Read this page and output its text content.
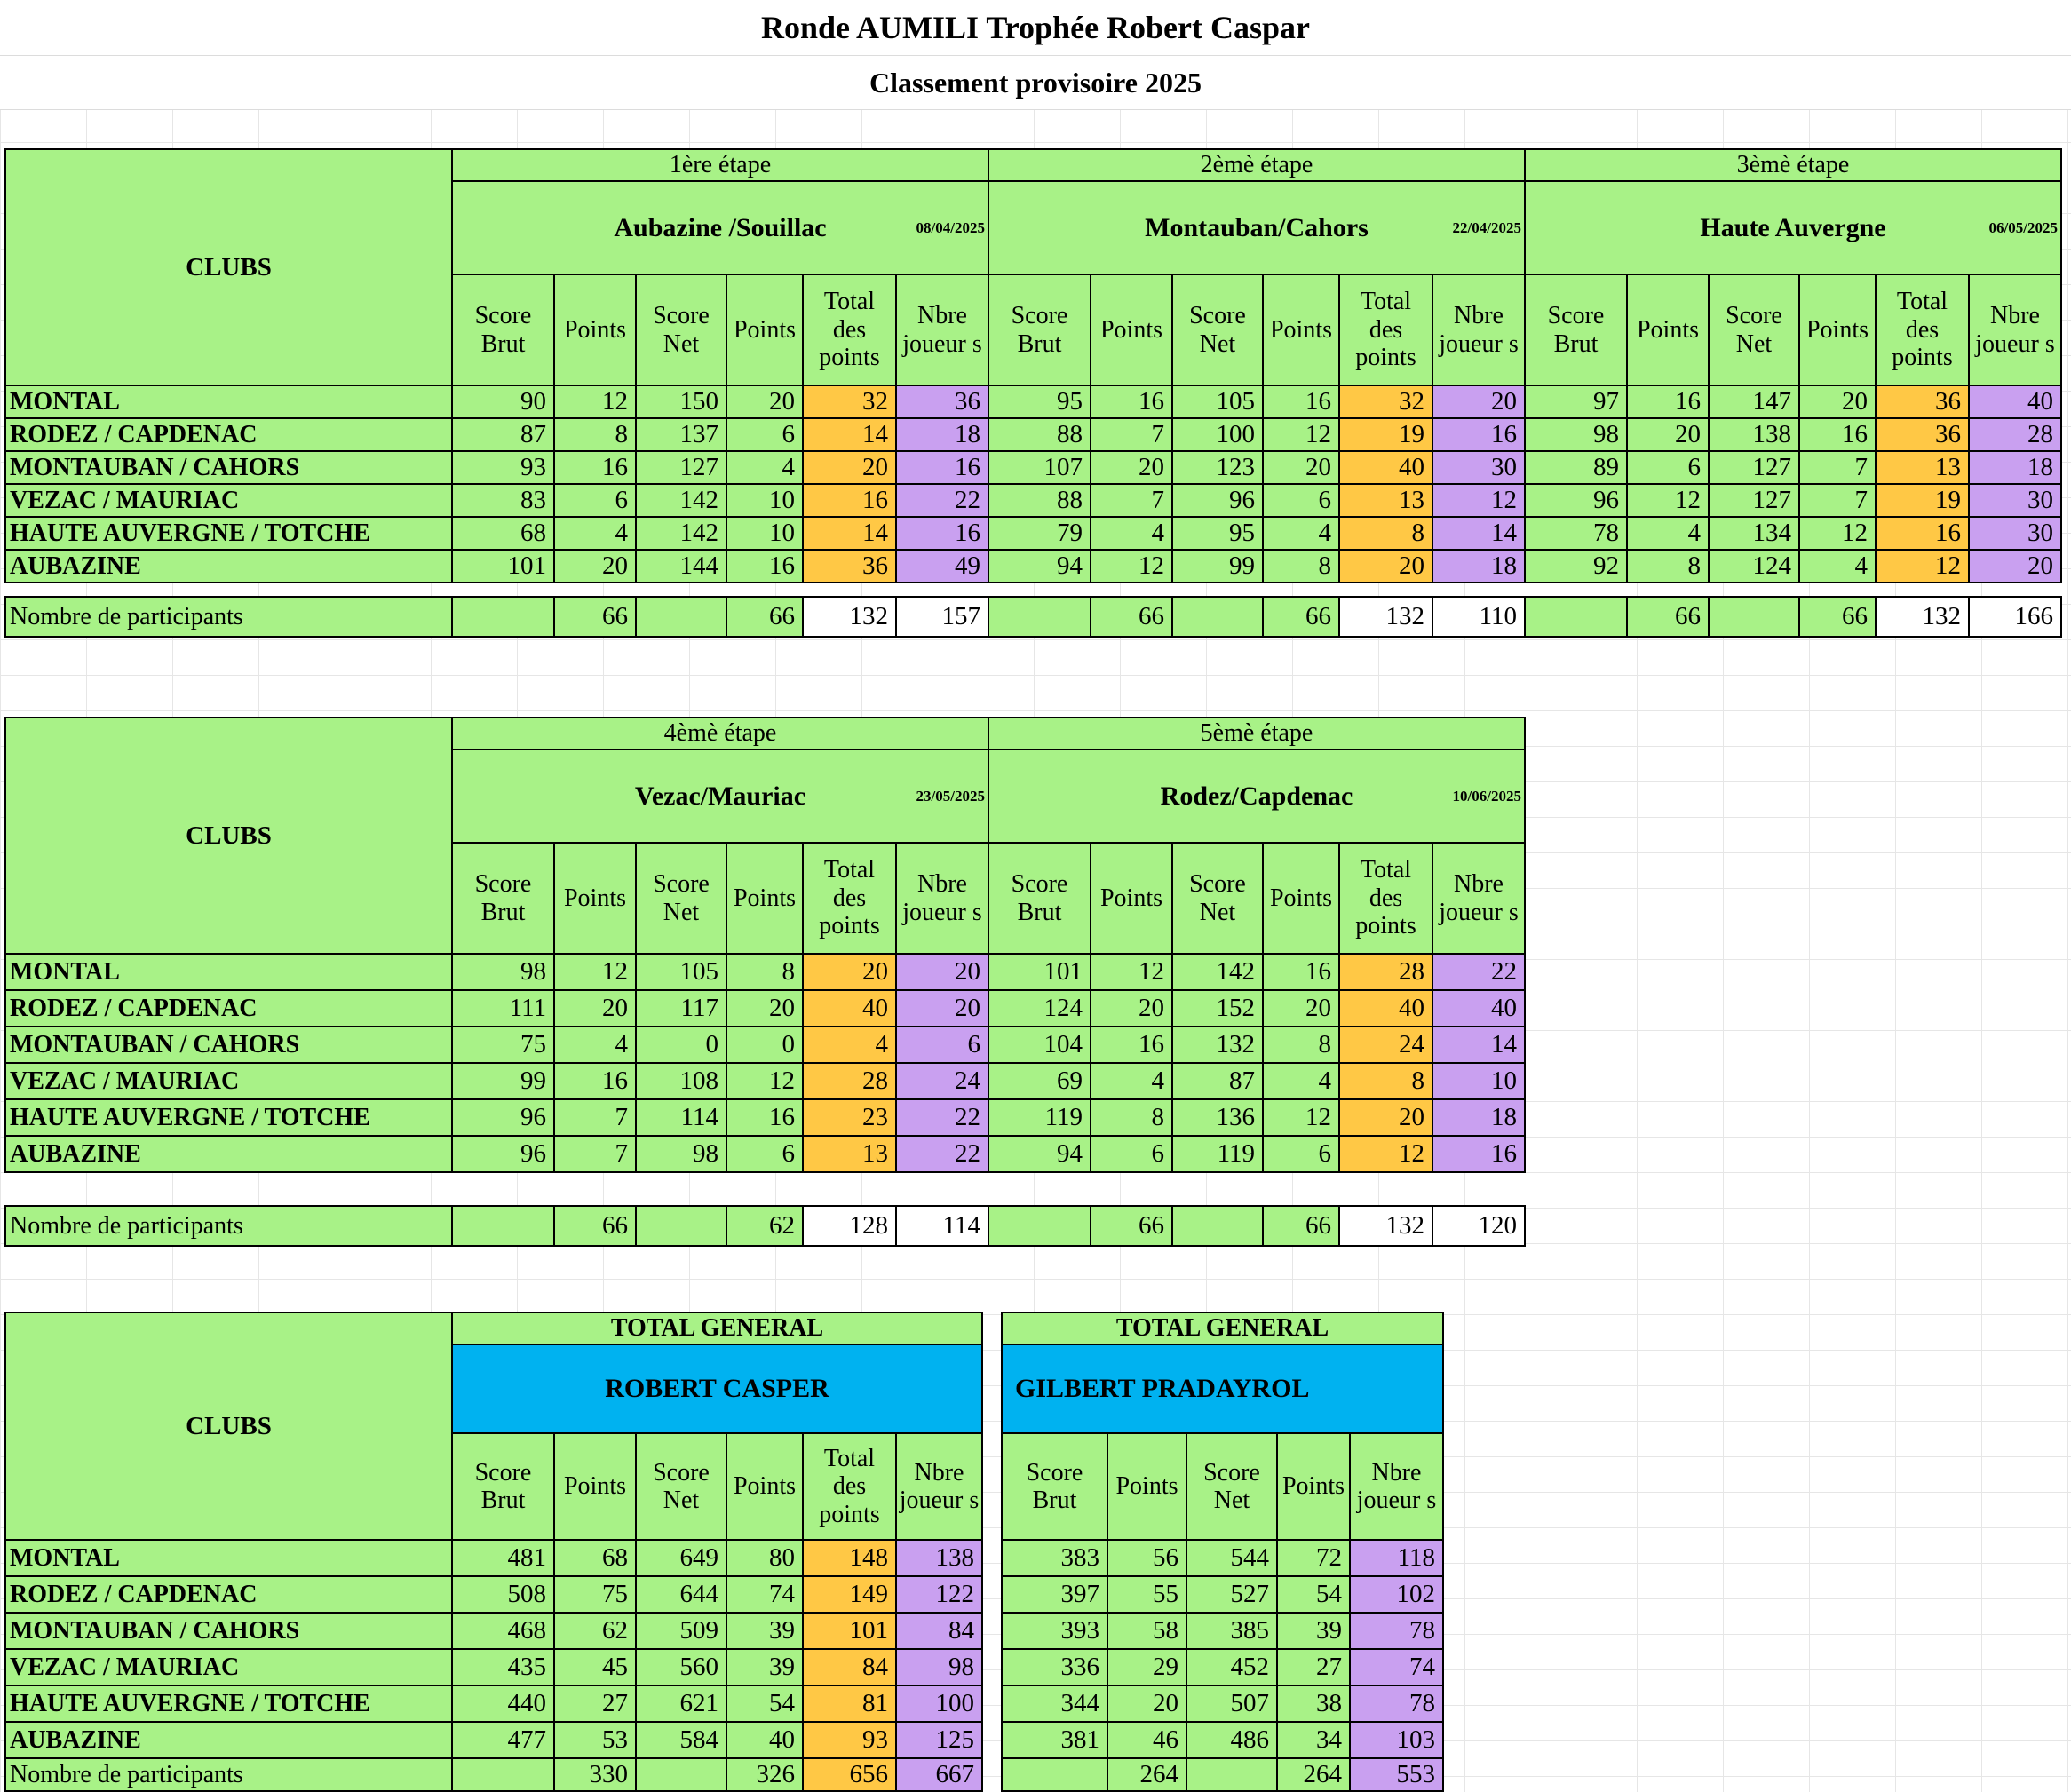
Ronde AUMILI Trophée Robert Caspar
Classement provisoire 2025
CLUBS	1ère étape						2èmè étape						3èmè étape					

	Aubazine /Souillac 08/04/2025						Montauban/Cahors 22/04/2025						Haute Auvergne 06/05/2025					

	Score Brut	Points	Score Net	Points	Total des points	Nbre joueur s	Score Brut	Points	Score Net	Points	Total des points	Nbre joueur s	Score Brut	Points	Score Net	Points	Total des points	Nbre joueur s
MONTAL	90	12	150	20	32	36	95	16	105	16	32	20	97	16	147	20	36	40
RODEZ / CAPDENAC	87	8	137	6	14	18	88	7	100	12	19	16	98	20	138	16	36	28
MONTAUBAN / CAHORS	93	16	127	4	20	16	107	20	123	20	40	30	89	6	127	7	13	18
VEZAC / MAURIAC	83	6	142	10	16	22	88	7	96	6	13	12	96	12	127	7	19	30
HAUTE AUVERGNE / TOTCHE	68	4	142	10	14	16	79	4	95	4	8	14	78	4	134	12	16	30
AUBAZINE	101	20	144	16	36	49	94	12	99	8	20	18	92	8	124	4	12	20
Nombre de participants		66		66	132	157		66		66	132	110		66		66	132	166
CLUBS	4èmè étape						5èmè étape					

	Vezac/Mauriac 23/05/2025						Rodez/Capdenac 10/06/2025					

	Score Brut	Points	Score Net	Points	Total des points	Nbre joueur s	Score Brut	Points	Score Net	Points	Total des points	Nbre joueur s
MONTAL	98	12	105	8	20	20	101	12	142	16	28	22
RODEZ / CAPDENAC	111	20	117	20	40	20	124	20	152	20	40	40
MONTAUBAN / CAHORS	75	4	0	0	4	6	104	16	132	8	24	14
VEZAC / MAURIAC	99	16	108	12	28	24	69	4	87	4	8	10
HAUTE AUVERGNE / TOTCHE	96	7	114	16	23	22	119	8	136	12	20	18
AUBAZINE	96	7	98	6	13	22	94	6	119	6	12	16
Nombre de participants		66		62	128	114		66		66	132	120
CLUBS	TOTAL GENERAL					
	ROBERT CASPER					
	Score Brut	Points	Score Net	Points	Total des points	Nbre joueur s
MONTAL	481	68	649	80	148	138
RODEZ / CAPDENAC	508	75	644	74	149	122
MONTAUBAN / CAHORS	468	62	509	39	101	84
VEZAC / MAURIAC	435	45	560	39	84	98
HAUTE AUVERGNE / TOTCHE	440	27	621	54	81	100
AUBAZINE	477	53	584	40	93	125
Nombre de participants		330		326	656	667
TOTAL GENERAL				
GILBERT PRADAYROL				
Score Brut	Points	Score Net	Points	Nbre joueur s
383	56	544	72	118
397	55	527	54	102
393	58	385	39	78
336	29	452	27	74
344	20	507	38	78
381	46	486	34	103
	264		264	553
